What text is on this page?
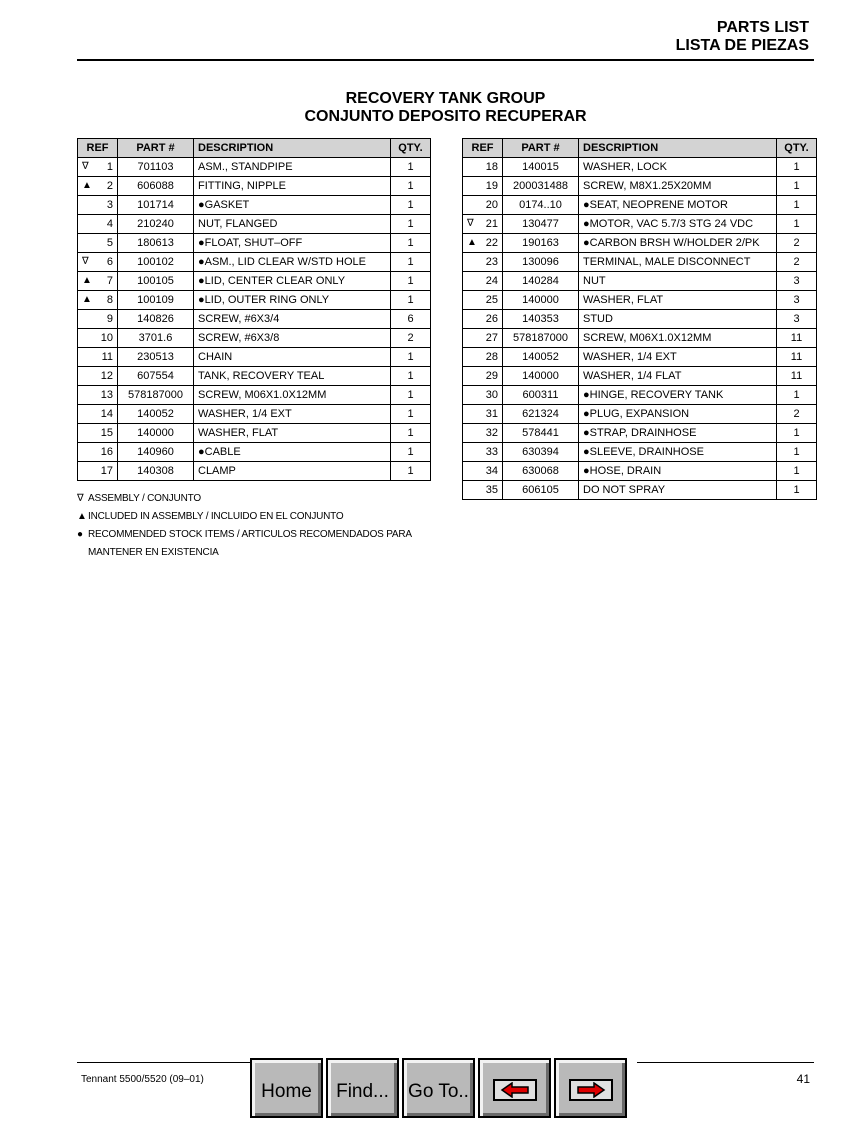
PARTS LIST
LISTA DE PIEZAS
RECOVERY TANK GROUP
CONJUNTO DEPOSITO RECUPERAR
REF	PART #	DESCRIPTION	QTY.

∇ 1	701103	ASM., STANDPIPE	1

▲ 2	606088	FITTING, NIPPLE	1
3	101714	●GASKET	1
4	210240	NUT, FLANGED	1
5	180613	●FLOAT, SHUT–OFF	1

∇ 6	100102	●ASM., LID CLEAR W/STD HOLE	1

▲ 7	100105	●LID, CENTER CLEAR ONLY	1

▲ 8	100109	●LID, OUTER RING ONLY	1
9	140826	SCREW, #6X3/4	6
10	3701.6	SCREW, #6X3/8	2
11	230513	CHAIN	1
12	607554	TANK, RECOVERY TEAL	1
13	578187000	SCREW, M06X1.0X12MM	1
14	140052	WASHER, 1/4 EXT	1
15	140000	WASHER, FLAT	1
16	140960	●CABLE	1
17	140308	CLAMP	1
REF	PART #	DESCRIPTION	QTY.
18	140015	WASHER, LOCK	1
19	200031488	SCREW, M8X1.25X20MM	1
20	0174..10	●SEAT, NEOPRENE MOTOR	1

∇ 21	130477	●MOTOR, VAC 5.7/3 STG 24 VDC	1

▲ 22	190163	●CARBON BRSH W/HOLDER 2/PK	2
23	130096	TERMINAL, MALE DISCONNECT	2
24	140284	NUT	3
25	140000	WASHER, FLAT	3
26	140353	STUD	3
27	578187000	SCREW, M06X1.0X12MM	11
28	140052	WASHER, 1/4 EXT	11
29	140000	WASHER, 1/4 FLAT	11
30	600311	●HINGE, RECOVERY TANK	1
31	621324	●PLUG, EXPANSION	2
32	578441	●STRAP, DRAINHOSE	1
33	630394	●SLEEVE, DRAINHOSE	1
34	630068	●HOSE, DRAIN	1
35	606105	DO NOT SPRAY	1
∇ ASSEMBLY / CONJUNTO
▲ INCLUDED IN ASSEMBLY / INCLUIDO EN EL CONJUNTO
● RECOMMENDED STOCK ITEMS / ARTICULOS RECOMENDADOS PARA
MANTENER EN EXISTENCIA
Tennant 5500/5520 (09–01)	41
Home	Find...	Go To..
